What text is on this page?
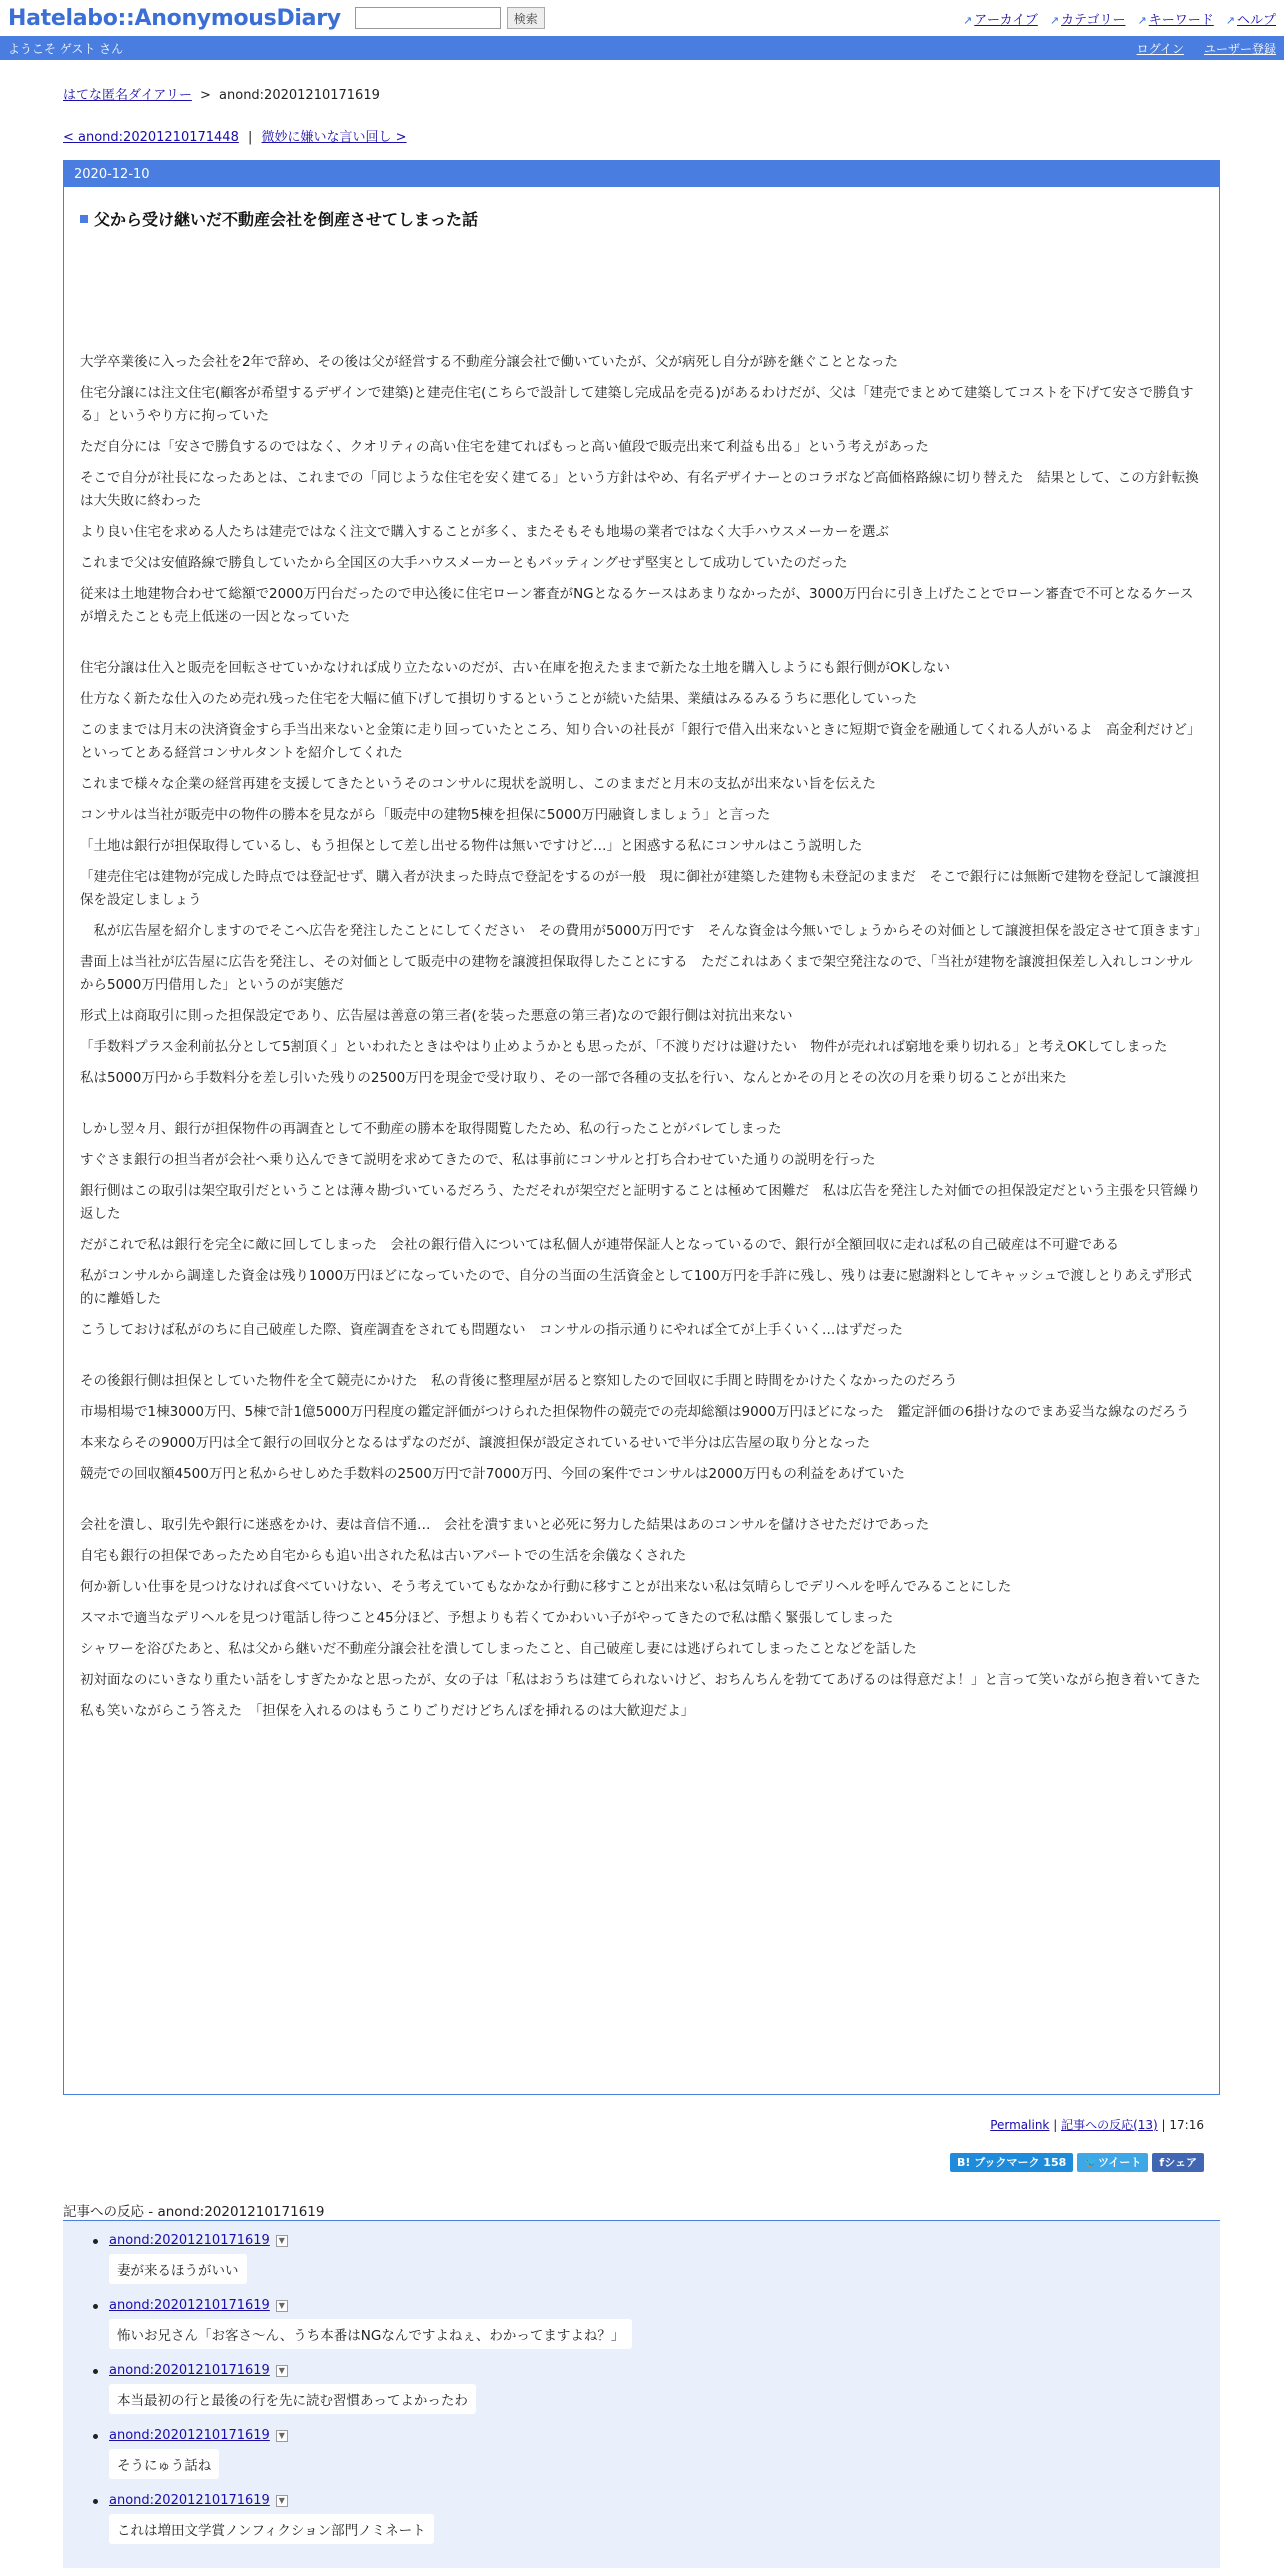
Hatelabo::AnonymousDiary	検索	↗ アーカイブ ↗ カテゴリー ↗ キーワード ↗ ヘルプ
ようこそ ゲスト さん	ログイン ユーザー登録
はてな匿名ダイアリー > anond:20201210171619
< anond:20201210171448 | 微妙に嫌いな言い回し >
2020-12-10
父から受け継いだ不動産会社を倒産させてしまった話

大学卒業後に入った会社を2年で辞め、その後は父が経営する不動産分譲会社で働いていたが、父が病死し自分が跡を継ぐこととなった

住宅分譲には注文住宅(顧客が希望するデザインで建築)と建売住宅(こちらで設計して建築し完成品を売る)があるわけだが、父は「建売でまとめて建築してコストを下げて安さで勝負する」というやり方に拘っていた

ただ自分には「安さで勝負するのではなく、クオリティの高い住宅を建てればもっと高い値段で販売出来て利益も出る」という考えがあった

そこで自分が社長になったあとは、これまでの「同じような住宅を安く建てる」という方針はやめ、有名デザイナーとのコラボなど高価格路線に切り替えた　結果として、この方針転換は大失敗に終わった

より良い住宅を求める人たちは建売ではなく注文で購入することが多く、またそもそも地場の業者ではなく大手ハウスメーカーを選ぶ

これまで父は安値路線で勝負していたから全国区の大手ハウスメーカーともバッティングせず堅実として成功していたのだった

従来は土地建物合わせて総額で2000万円台だったので申込後に住宅ローン審査がNGとなるケースはあまりなかったが、3000万円台に引き上げたことでローン審査で不可となるケースが増えたことも売上低迷の一因となっていた

住宅分譲は仕入と販売を回転させていかなければ成り立たないのだが、古い在庫を抱えたままで新たな土地を購入しようにも銀行側がOKしない

仕方なく新たな仕入のため売れ残った住宅を大幅に値下げして損切りするということが続いた結果、業績はみるみるうちに悪化していった

このままでは月末の決済資金すら手当出来ないと金策に走り回っていたところ、知り合いの社長が「銀行で借入出来ないときに短期で資金を融通してくれる人がいるよ　高金利だけど」といってとある経営コンサルタントを紹介してくれた

これまで様々な企業の経営再建を支援してきたというそのコンサルに現状を説明し、このままだと月末の支払が出来ない旨を伝えた

コンサルは当社が販売中の物件の勝本を見ながら「販売中の建物5棟を担保に5000万円融資しましょう」と言った

「土地は銀行が担保取得しているし、もう担保として差し出せる物件は無いですけど…」と困惑する私にコンサルはこう説明した

「建売住宅は建物が完成した時点では登記せず、購入者が決まった時点で登記をするのが一般　現に御社が建築した建物も未登記のままだ　そこで銀行には無断で建物を登記して譲渡担保を設定しましょう

　私が広告屋を紹介しますのでそこへ広告を発注したことにしてください　その費用が5000万円です　そんな資金は今無いでしょうからその対価として譲渡担保を設定させて頂きます」

書面上は当社が広告屋に広告を発注し、その対価として販売中の建物を譲渡担保取得したことにする　ただこれはあくまで架空発注なので、「当社が建物を譲渡担保差し入れしコンサルから5000万円借用した」というのが実態だ

形式上は商取引に則った担保設定であり、広告屋は善意の第三者(を装った悪意の第三者)なので銀行側は対抗出来ない

「手数料プラス金利前払分として5割頂く」といわれたときはやはり止めようかとも思ったが、「不渡りだけは避けたい　物件が売れれば窮地を乗り切れる」と考えOKしてしまった

私は5000万円から手数料分を差し引いた残りの2500万円を現金で受け取り、その一部で各種の支払を行い、なんとかその月とその次の月を乗り切ることが出来た

しかし翌々月、銀行が担保物件の再調査として不動産の勝本を取得閲覧したため、私の行ったことがバレてしまった

すぐさま銀行の担当者が会社へ乗り込んできて説明を求めてきたので、私は事前にコンサルと打ち合わせていた通りの説明を行った

銀行側はこの取引は架空取引だということは薄々勘づいているだろう、ただそれが架空だと証明することは極めて困難だ　私は広告を発注した対価での担保設定だという主張を只管繰り返した

だがこれで私は銀行を完全に敵に回してしまった　会社の銀行借入については私個人が連帯保証人となっているので、銀行が全額回収に走れば私の自己破産は不可避である

私がコンサルから調達した資金は残り1000万円ほどになっていたので、自分の当面の生活資金として100万円を手許に残し、残りは妻に慰謝料としてキャッシュで渡しとりあえず形式的に離婚した

こうしておけば私がのちに自己破産した際、資産調査をされても問題ない　コンサルの指示通りにやれば全てが上手くいく…はずだった

その後銀行側は担保としていた物件を全て競売にかけた　私の背後に整理屋が居ると察知したので回収に手間と時間をかけたくなかったのだろう

市場相場で1棟3000万円、5棟で計1億5000万円程度の鑑定評価がつけられた担保物件の競売での売却総額は9000万円ほどになった　鑑定評価の6掛けなのでまあ妥当な線なのだろう

本来ならその9000万円は全て銀行の回収分となるはずなのだが、譲渡担保が設定されているせいで半分は広告屋の取り分となった

競売での回収額4500万円と私からせしめた手数料の2500万円で計7000万円、今回の案件でコンサルは2000万円もの利益をあげていた

会社を潰し、取引先や銀行に迷惑をかけ、妻は音信不通…　会社を潰すまいと必死に努力した結果はあのコンサルを儲けさせただけであった

自宅も銀行の担保であったため自宅からも追い出された私は古いアパートでの生活を余儀なくされた

何か新しい仕事を見つけなければ食べていけない、そう考えていてもなかなか行動に移すことが出来ない私は気晴らしでデリヘルを呼んでみることにした

スマホで適当なデリヘルを見つけ電話し待つこと45分ほど、予想よりも若くてかわいい子がやってきたので私は酷く緊張してしまった

シャワーを浴びたあと、私は父から継いだ不動産分譲会社を潰してしまったこと、自己破産し妻には逃げられてしまったことなどを話した

初対面なのにいきなり重たい話をしすぎたかなと思ったが、女の子は「私はおうちは建てられないけど、おちんちんを勃ててあげるのは得意だよ！」と言って笑いながら抱き着いてきた

私も笑いながらこう答えた　「担保を入れるのはもうこりごりだけどちんぽを挿れるのは大歓迎だよ」

Permalink | 記事への反応(13) | 17:16
B! ブックマーク 158	🐦ツイート	fシェア
記事への反応 - anond:20201210171619
anond:20201210171619	▼
妻が来るほうがいい
anond:20201210171619	▼
怖いお兄さん「お客さ～ん、うち本番はNGなんですよねぇ、わかってますよね？」
anond:20201210171619	▼
本当最初の行と最後の行を先に読む習慣あってよかったわ
anond:20201210171619	▼
そうにゅう話ね
anond:20201210171619	▼
これは増田文学賞ノンフィクション部門ノミネート
